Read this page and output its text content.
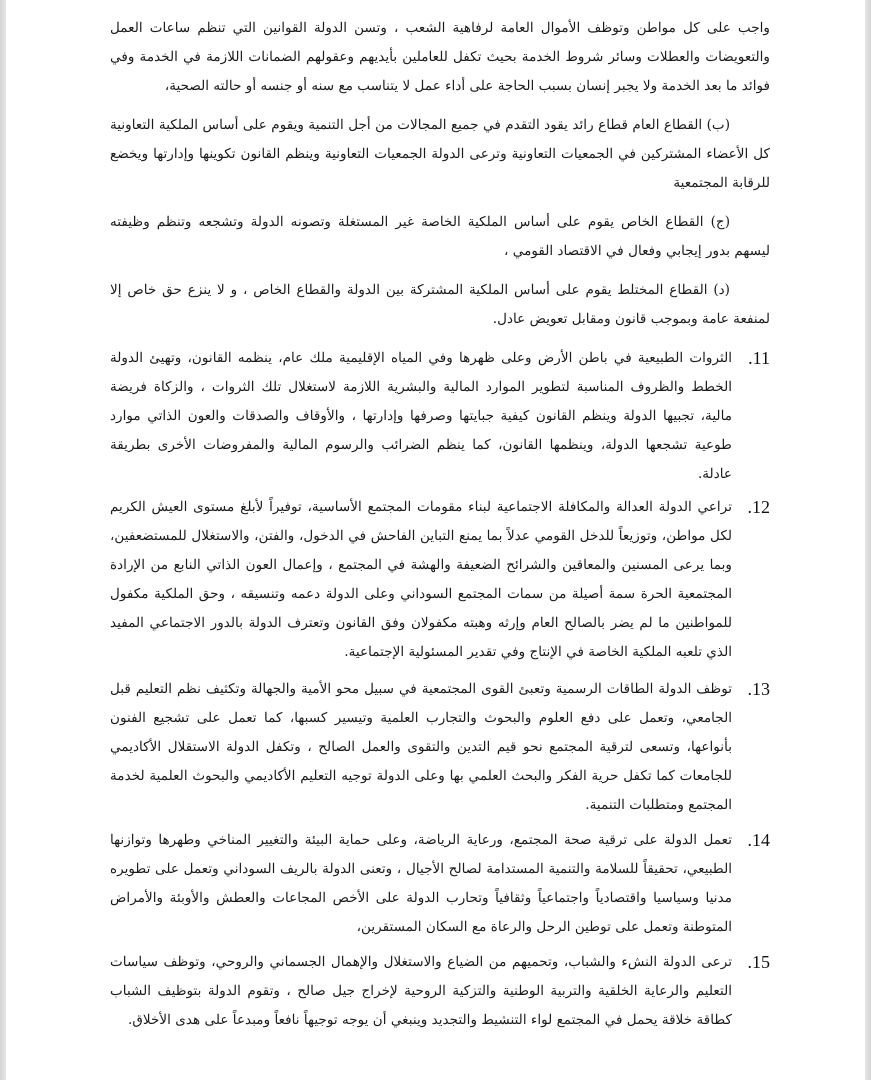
واجب على كل مواطن وتوظف الأموال العامة لرفاهية الشعب ، وتسن الدولة القوانين التي تنظم ساعات العمل والتعويضات والعطلات وسائر شروط الخدمة بحيث تكفل للعاملين بأيديهم وعقولهم الضمانات اللازمة في الخدمة وفي فوائد ما بعد الخدمة ولا يجبر إنسان بسبب الحاجة على أداء عمل لا يتناسب مع سنه أو جنسه أو حالته الصحية،

(ب) القطاع العام قطاع رائد يقود التقدم في جميع المجالات من أجل التنمية ويقوم على أساس الملكية التعاونية كل الأعضاء المشتركين في الجمعيات التعاونية وترعى الدولة الجمعيات التعاونية وينظم القانون تكوينها وإدارتها ويخضع للرقابة المجتمعية

(ج) القطاع الخاص يقوم على أساس الملكية الخاصة غير المستغلة وتصونه الدولة وتشجعه وتنظم وظيفته ليسهم بدور إيجابي وفعال في الاقتصاد القومي ،

(د) القطاع المختلط يقوم على أساس الملكية المشتركة بين الدولة والقطاع الخاص ، و لا ينزع حق خاص إلا لمنفعة عامة وبموجب قانون ومقابل تعويض عادل.

11.
الثروات الطبيعية في باطن الأرض وعلى ظهرها وفي المياه الإقليمية ملك عام، ينظمه القانون، وتهيئ الدولة الخطط والظروف المناسبة لتطوير الموارد المالية والبشرية اللازمة لاستغلال تلك الثروات ، والزكاة فريضة مالية، تجبيها الدولة وينظم القانون كيفية جبايتها وصرفها وإدارتها ، والأوقاف والصدقات والعون الذاتي موارد طوعية تشجعها الدولة، وينظمها القانون، كما ينظم الضرائب والرسوم المالية والمفروضات الأخرى بطريقة عادلة.
12.
تراعي الدولة العدالة والمكافلة الاجتماعية لبناء مقومات المجتمع الأساسية، توفيراً لأبلغ مستوى العيش الكريم لكل مواطن، وتوزيعاً للدخل القومي عدلاً بما يمنع التباين الفاحش في الدخول، والفتن، والاستغلال للمستضعفين، وبما يرعى المسنين والمعاقين والشرائح الضعيفة والهشة في المجتمع ، وإعمال العون الذاتي النابع من الإرادة المجتمعية الحرة سمة أصيلة من سمات المجتمع السوداني وعلى الدولة دعمه وتنسيقه ، وحق الملكية مكفول للمواطنين ما لم يضر بالصالح العام وإرثه وهبته مكفولان وفق القانون وتعترف الدولة بالدور الاجتماعي المفيد الذي تلعبه الملكية الخاصة في الإنتاج وفي تقدير المسئولية الإجتماعية.
13.
توظف الدولة الطاقات الرسمية وتعبئ القوى المجتمعية في سبيل محو الأمية والجهالة وتكثيف نظم التعليم قبل الجامعي، وتعمل على دفع العلوم والبحوث والتجارب العلمية وتيسير كسبها، كما تعمل على تشجيع الفنون بأنواعها، وتسعى لترقية المجتمع نحو قيم التدين والتقوى والعمل الصالح ، وتكفل الدولة الاستقلال الأكاديمي للجامعات كما تكفل حرية الفكر والبحث العلمي بها وعلى الدولة توجيه التعليم الأكاديمي والبحوث العلمية لخدمة المجتمع ومتطلبات التنمية.
14.
تعمل الدولة على ترقية صحة المجتمع، ورعاية الرياضة، وعلى حماية البيئة والتغيير المناخي وطهرها وتوازنها الطبيعي، تحقيقاً للسلامة والتنمية المستدامة لصالح الأجيال ، وتعنى الدولة بالريف السوداني وتعمل على تطويره مدنيا وسياسيا واقتصادياً واجتماعياً وثقافياً وتحارب الدولة على الأخص المجاعات والعطش والأوبئة والأمراض المتوطنة وتعمل على توطين الرحل والرعاة مع السكان المستقرين،
15.
ترعى الدولة النشء والشباب، وتحميهم من الضياع والاستغلال والإهمال الجسماني والروحي، وتوظف سياسات التعليم والرعاية الخلقية والتربية الوطنية والتزكية الروحية لإخراج جيل صالح ، وتقوم الدولة بتوظيف الشباب كطاقة خلاقة يحمل في المجتمع لواء التنشيط والتجديد وينبغي أن يوجه توجيهاً نافعاً ومبدعاً على هدى الأخلاق.
